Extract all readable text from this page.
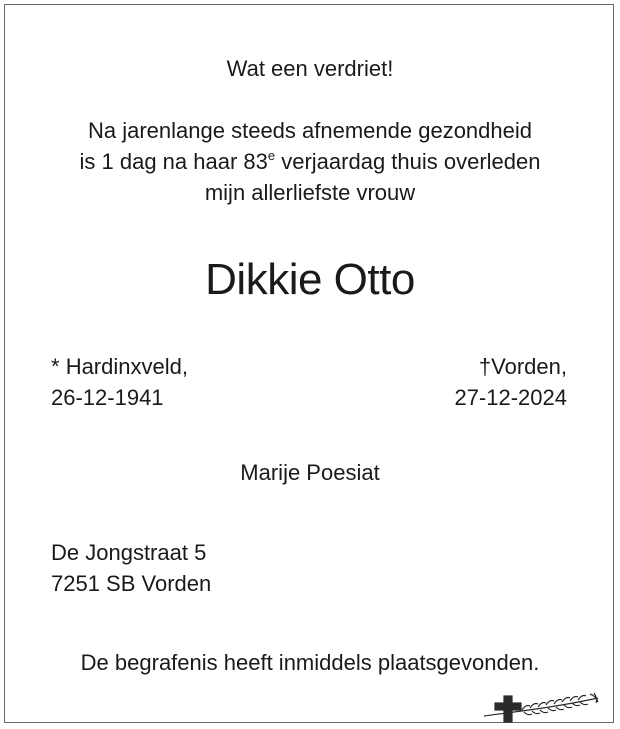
Wat een verdriet!
Na jarenlange steeds afnemende gezondheid
is 1 dag na haar 83e verjaardag thuis overleden
mijn allerliefste vrouw
Dikkie Otto
* Hardinxveld,
26-12-1941
†Vorden,
27-12-2024
Marije Poesiat
De Jongstraat 5
7251 SB Vorden
De begrafenis heeft inmiddels plaatsgevonden.
